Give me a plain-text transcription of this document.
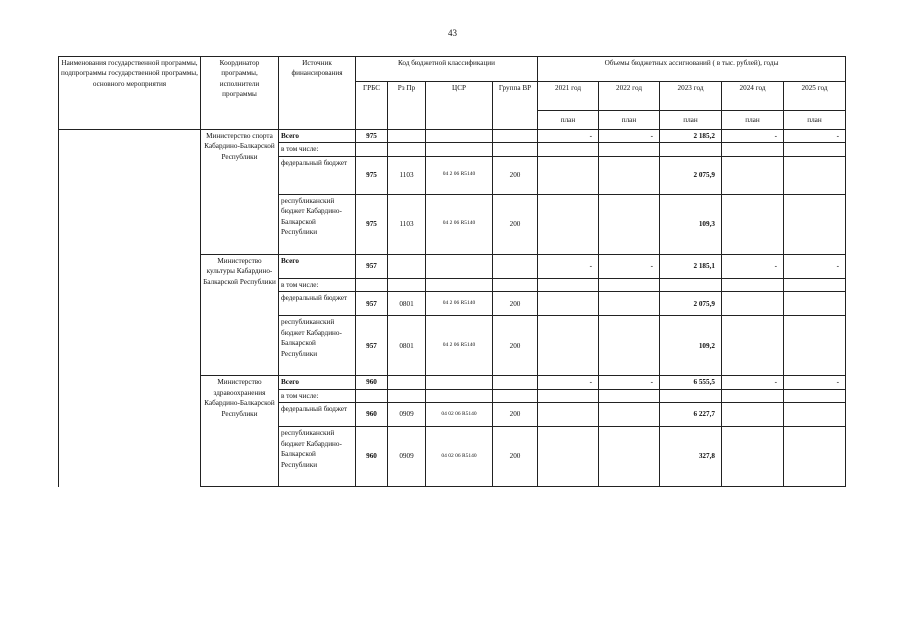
43
Наименования государственной программы, подпрограммы государственной программы, основного мероприятия	Координатор программы, исполнители программы	Источник финансирования	Код бюджетной классификации				Объемы бюджетных ассигнований ( в тыс. рублей), годы				
			ГРБС	Рз Пр	ЦСР	Группа ВР	2021 год	2022 год	2023 год	2024 год	2025 год
							план	план	план	план	план
	Министерство спорта Кабардино-Балкарской Республики	Всего	975				-	-	2 185,2	-	-
		в том числе:									
		федеральный бюджет	975	1103	04 2 06 R5140	200			2 075,9		
		республиканский бюджет Кабардино-Балкарской Республики	975	1103	04 2 06 R5140	200			109,3		
	Министерство культуры Кабардино-Балкарской Республики	Всего	957				-	-	2 185,1	-	-
		в том числе:									
		федеральный бюджет	957	0801	04 2 06 R5140	200			2 075,9		
		республиканский бюджет Кабардино-Балкарской Республики	957	0801	04 2 06 R5140	200			109,2		
	Министерство здравоохранения Кабардино-Балкарской Республики	Всего	960				-	-	6 555,5	-	-
		в том числе:									
		федеральный бюджет	960	0909	04 02 06 R5140	200			6 227,7		
		республиканский бюджет Кабардино-Балкарской Республики	960	0909	04 02 06 R5140	200			327,8		
